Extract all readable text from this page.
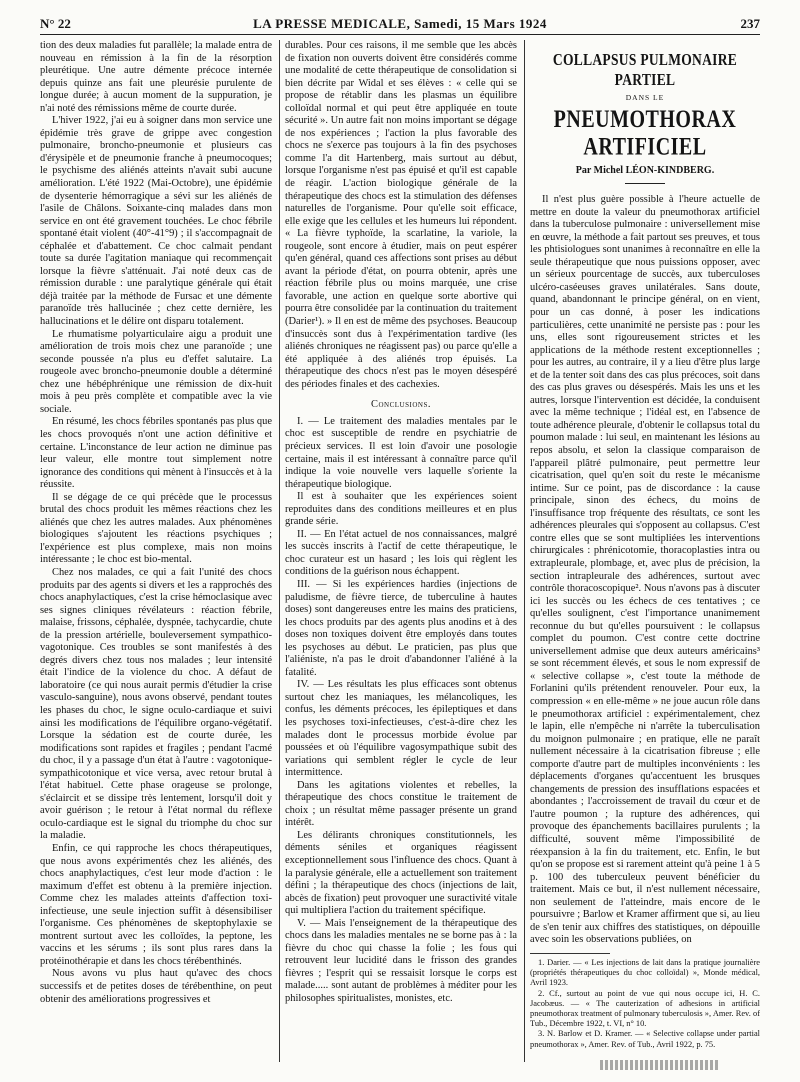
N° 22	LA PRESSE MEDICALE, Samedi, 15 Mars 1924	237

tion des deux maladies fut parallèle; la malade entra de nouveau en rémission à la fin de la résorption pleurétique. Une autre démente précoce internée depuis quinze ans fait une pleurésie purulente de longue durée; à aucun moment de la suppuration, je n'ai noté des rémissions même de courte durée.

L'hiver 1922, j'ai eu à soigner dans mon service une épidémie très grave de grippe avec congestion pulmonaire, broncho-pneumonie et plusieurs cas d'érysipèle et de pneumonie franche à pneumocoques; le psychisme des aliénés atteints n'avait subi aucune amélioration. L'été 1922 (Mai-Octobre), une épidémie de dysenterie hémorragique a sévi sur les aliénés de l'asile de Châlons. Soixante-cinq malades dans mon service en ont été gravement touchées. Le choc fébrile spontané était violent (40°-41°9) ; il s'accompagnait de céphalée et d'abattement. Ce choc calmait pendant toute sa durée l'agitation maniaque qui recommençait lorsque la fièvre s'atténuait. J'ai noté deux cas de rémission durable : une paralytique générale qui était déjà traitée par la méthode de Fursac et une démente paranoïde très hallucinée ; chez cette dernière, les hallucinations et le délire ont disparu totalement.

Le rhumatisme polyarticulaire aigu a produit une amélioration de trois mois chez une paranoïde ; une seconde poussée n'a plus eu d'effet salutaire. La rougeole avec broncho-pneumonie double a déterminé chez une hébéphrénique une rémission de dix-huit mois à peu près complète et compatible avec la vie sociale.

En résumé, les chocs fébriles spontanés pas plus que les chocs provoqués n'ont une action définitive et certaine. L'inconstance de leur action ne diminue pas leur valeur, elle montre tout simplement notre ignorance des conditions qui mènent à l'insuccès et à la réussite.

Il se dégage de ce qui précède que le processus brutal des chocs produit les mêmes réactions chez les aliénés que chez les autres malades. Aux phénomènes biologiques s'ajoutent les réactions psychiques ; l'expérience est plus complexe, mais non moins intéressante ; le choc est bio-mental.

Chez nos malades, ce qui a fait l'unité des chocs produits par des agents si divers et les a rapprochés des chocs anaphylactiques, c'est la crise hémoclasique avec ses signes cliniques révélateurs : réaction fébrile, malaise, frissons, céphalée, dyspnée, tachycardie, chute de la pression artérielle, bouleversement sympathico-vagotonique. Ces troubles se sont manifestés à des degrés divers chez tous nos malades ; leur intensité était l'indice de la violence du choc. A défaut de laboratoire (ce qui nous aurait permis d'étudier la crise vasculo-sanguine), nous avons observé, pendant toutes les phases du choc, le signe oculo-cardiaque et suivi ainsi les modifications de l'équilibre organo-végétatif. Lorsque la sédation est de courte durée, les modifications sont rapides et fragiles ; pendant l'acmé du choc, il y a passage d'un état à l'autre : vagotonique-sympathicotonique et vice versa, avec retour brutal à l'état habituel. Cette phase orageuse se prolonge, s'éclaircit et se dissipe très lentement, lorsqu'il doit y avoir guérison ; le retour à l'état normal du réflexe oculo-cardiaque est le signal du triomphe du choc sur la maladie.

Enfin, ce qui rapproche les chocs thérapeutiques, que nous avons expérimentés chez les aliénés, des chocs anaphylactiques, c'est leur mode d'action : le maximum d'effet est obtenu à la première injection. Comme chez les malades atteints d'affection toxi-infectieuse, une seule injection suffit à désensibiliser l'organisme. Ces phénomènes de skeptophylaxie se montrent surtout avec les colloïdes, la peptone, les vaccins et les sérums ; ils sont plus rares dans la protéinothérapie et dans les chocs térébenthinés.

Nous avons vu plus haut qu'avec des chocs successifs et de petites doses de térébenthine, on peut obtenir des améliorations progressives et

durables. Pour ces raisons, il me semble que les abcès de fixation non ouverts doivent être considérés comme une modalité de cette thérapeutique de consolidation si bien décrite par Widal et ses élèves : « celle qui se propose de rétablir dans les plasmas un équilibre colloïdal normal et qui peut être appliquée en toute sécurité ». Un autre fait non moins important se dégage de nos expériences ; l'action la plus favorable des chocs ne s'exerce pas toujours à la fin des psychoses comme l'a dit Hartenberg, mais surtout au début, lorsque l'organisme n'est pas épuisé et qu'il est capable de réagir. L'action biologique générale de la thérapeutique des chocs est la stimulation des défenses naturelles de l'organisme. Pour qu'elle soit efficace, elle exige que les cellules et les humeurs lui répondent. « La fièvre typhoïde, la scarlatine, la variole, la rougeole, sont encore à étudier, mais on peut espérer qu'en général, quand ces affections sont prises au début avant la période d'état, on pourra obtenir, après une réaction fébrile plus ou moins marquée, une crise favorable, une action en quelque sorte abortive qui pourra être consolidée par la continuation du traitement (Darier¹). » Il en est de même des psychoses. Beaucoup d'insuccès sont dus à l'expérimentation tardive (les aliénés chroniques ne réagissent pas) ou parce qu'elle a été appliquée à des aliénés trop épuisés. La thérapeutique des chocs n'est pas le moyen désespéré des périodes finales et des cachexies.

Conclusions.

I. — Le traitement des maladies mentales par le choc est susceptible de rendre en psychiatrie de précieux services. Il est loin d'avoir une posologie certaine, mais il est intéressant à connaître parce qu'il indique la voie nouvelle vers laquelle s'oriente la thérapeutique biologique.

Il est à souhaiter que les expériences soient reproduites dans des conditions meilleures et en plus grande série.

II. — En l'état actuel de nos connaissances, malgré les succès inscrits à l'actif de cette thérapeutique, le choc curateur est un hasard ; les lois qui règlent les conditions de la guérison nous échappent.

III. — Si les expériences hardies (injections de paludisme, de fièvre tierce, de tuberculine à hautes doses) sont dangereuses entre les mains des praticiens, les chocs produits par des agents plus anodins et à des doses non toxiques doivent être employés dans toutes les psychoses au début. Le praticien, pas plus que l'aliéniste, n'a pas le droit d'abandonner l'aliéné à la fatalité.

IV. — Les résultats les plus efficaces sont obtenus surtout chez les maniaques, les mélancoliques, les confus, les déments précoces, les épileptiques et dans les psychoses toxi-infectieuses, c'est-à-dire chez les malades dont le processus morbide évolue par poussées et où l'équilibre vagosympathique subit des variations qui semblent régler le cycle de leur intermittence.

Dans les agitations violentes et rebelles, la thérapeutique des chocs constitue le traitement de choix ; un résultat même passager présente un grand intérêt.

Les délirants chroniques constitutionnels, les déments séniles et organiques réagissent exceptionnellement sous l'influence des chocs. Quant à la paralysie générale, elle a actuellement son traitement défini ; la thérapeutique des chocs (injections de lait, abcès de fixation) peut provoquer une suractivité vitale qui multipliera l'action du traitement spécifique.

V. — Mais l'enseignement de la thérapeutique des chocs dans les maladies mentales ne se borne pas à : la fièvre du choc qui chasse la folie ; les fous qui retrouvent leur lucidité dans le frisson des grandes fièvres ; l'esprit qui se ressaisit lorsque le corps est malade..... sont autant de problèmes à méditer pour les philosophes spiritualistes, monistes, etc.

COLLAPSUS PULMONAIRE PARTIEL
DANS LE
PNEUMOTHORAX ARTIFICIEL
Par Michel LÉON-KINDBERG.

Il n'est plus guère possible à l'heure actuelle de mettre en doute la valeur du pneumothorax artificiel dans la tuberculose pulmonaire : universellement mise en œuvre, la méthode a fait partout ses preuves, et tous les phtisiologues sont unanimes à reconnaître en elle la seule thérapeutique que nous puissions opposer, avec un sérieux pourcentage de succès, aux tuberculoses ulcéro-caséeuses graves unilatérales. Sans doute, quand, abandonnant le principe général, on en vient, pour un cas donné, à poser les indications particulières, cette unanimité ne persiste pas : pour les uns, elles sont rigoureusement strictes et les applications de la méthode restent exceptionnelles ; pour les autres, au contraire, il y a lieu d'être plus large et de la tenter soit dans des cas plus précoces, soit dans des cas plus graves ou désespérés. Mais les uns et les autres, lorsque l'intervention est décidée, la conduisent avec la même technique ; l'idéal est, en l'absence de toute adhérence pleurale, d'obtenir le collapsus total du poumon malade : lui seul, en maintenant les lésions au repos absolu, et selon la classique comparaison de l'appareil plâtré pulmonaire, peut permettre leur cicatrisation, quel qu'en soit du reste le mécanisme intime. Sur ce point, pas de discordance : la cause principale, sinon des échecs, du moins de l'insuffisance trop fréquente des résultats, ce sont les adhérences pleurales qui s'opposent au collapsus. C'est contre elles que se sont multipliées les interventions chirurgicales : phrénicotomie, thoracoplasties intra ou extrapleurale, plombage, et, avec plus de précision, la section intrapleurale des adhérences, surtout avec contrôle thoracoscopique². Nous n'avons pas à discuter ici les succès ou les échecs de ces tentatives ; ce qu'elles soulignent, c'est l'importance unanimement reconnue du but qu'elles poursuivent : le collapsus complet du poumon. C'est contre cette doctrine universellement admise que deux auteurs américains³ se sont récemment élevés, et sous le nom expressif de « selective collapse », c'est toute la méthode de Forlanini qu'ils prétendent renouveler. Pour eux, la compression « en elle-même » ne joue aucun rôle dans le pneumothorax artificiel : expérimentalement, chez le lapin, elle n'empêche ni n'arrête la tuberculisation du moignon pulmonaire ; en pratique, elle ne paraît nullement nécessaire à la cicatrisation fibreuse ; elle comporte d'autre part de multiples inconvénients : les déplacements d'organes qu'accentuent les brusques changements de pression des insufflations espacées et abondantes ; l'accroissement de travail du cœur et de l'autre poumon ; la rupture des adhérences, qui provoque des épanchements bacillaires purulents ; la difficulté, souvent même l'impossibilité de réexpansion à la fin du traitement, etc. Enfin, le but qu'on se propose est si rarement atteint qu'à peine 1 à 5 p. 100 des tuberculeux peuvent bénéficier du traitement. Mais ce but, il n'est nullement nécessaire, non seulement de l'atteindre, mais encore de le poursuivre ; Barlow et Kramer affirment que si, au lieu de s'en tenir aux chiffres des statistiques, on dépouille avec soin les observations publiées, on

1. Darier. — « Les injections de lait dans la pratique journalière (propriétés thérapeutiques du choc colloïdal) », Monde médical, Avril 1923.

2. Cf., surtout au point de vue qui nous occupe ici, H. C. Jacobæus. — « The cauterization of adhesions in artificial pneumothorax treatment of pulmonary tuberculosis », Amer. Rev. of Tub., Décembre 1922, t. VI, n° 10.

3. N. Barlow et D. Kramer. — « Selective collapse under partial pneumothorax », Amer. Rev. of Tub., Avril 1922, p. 75.
